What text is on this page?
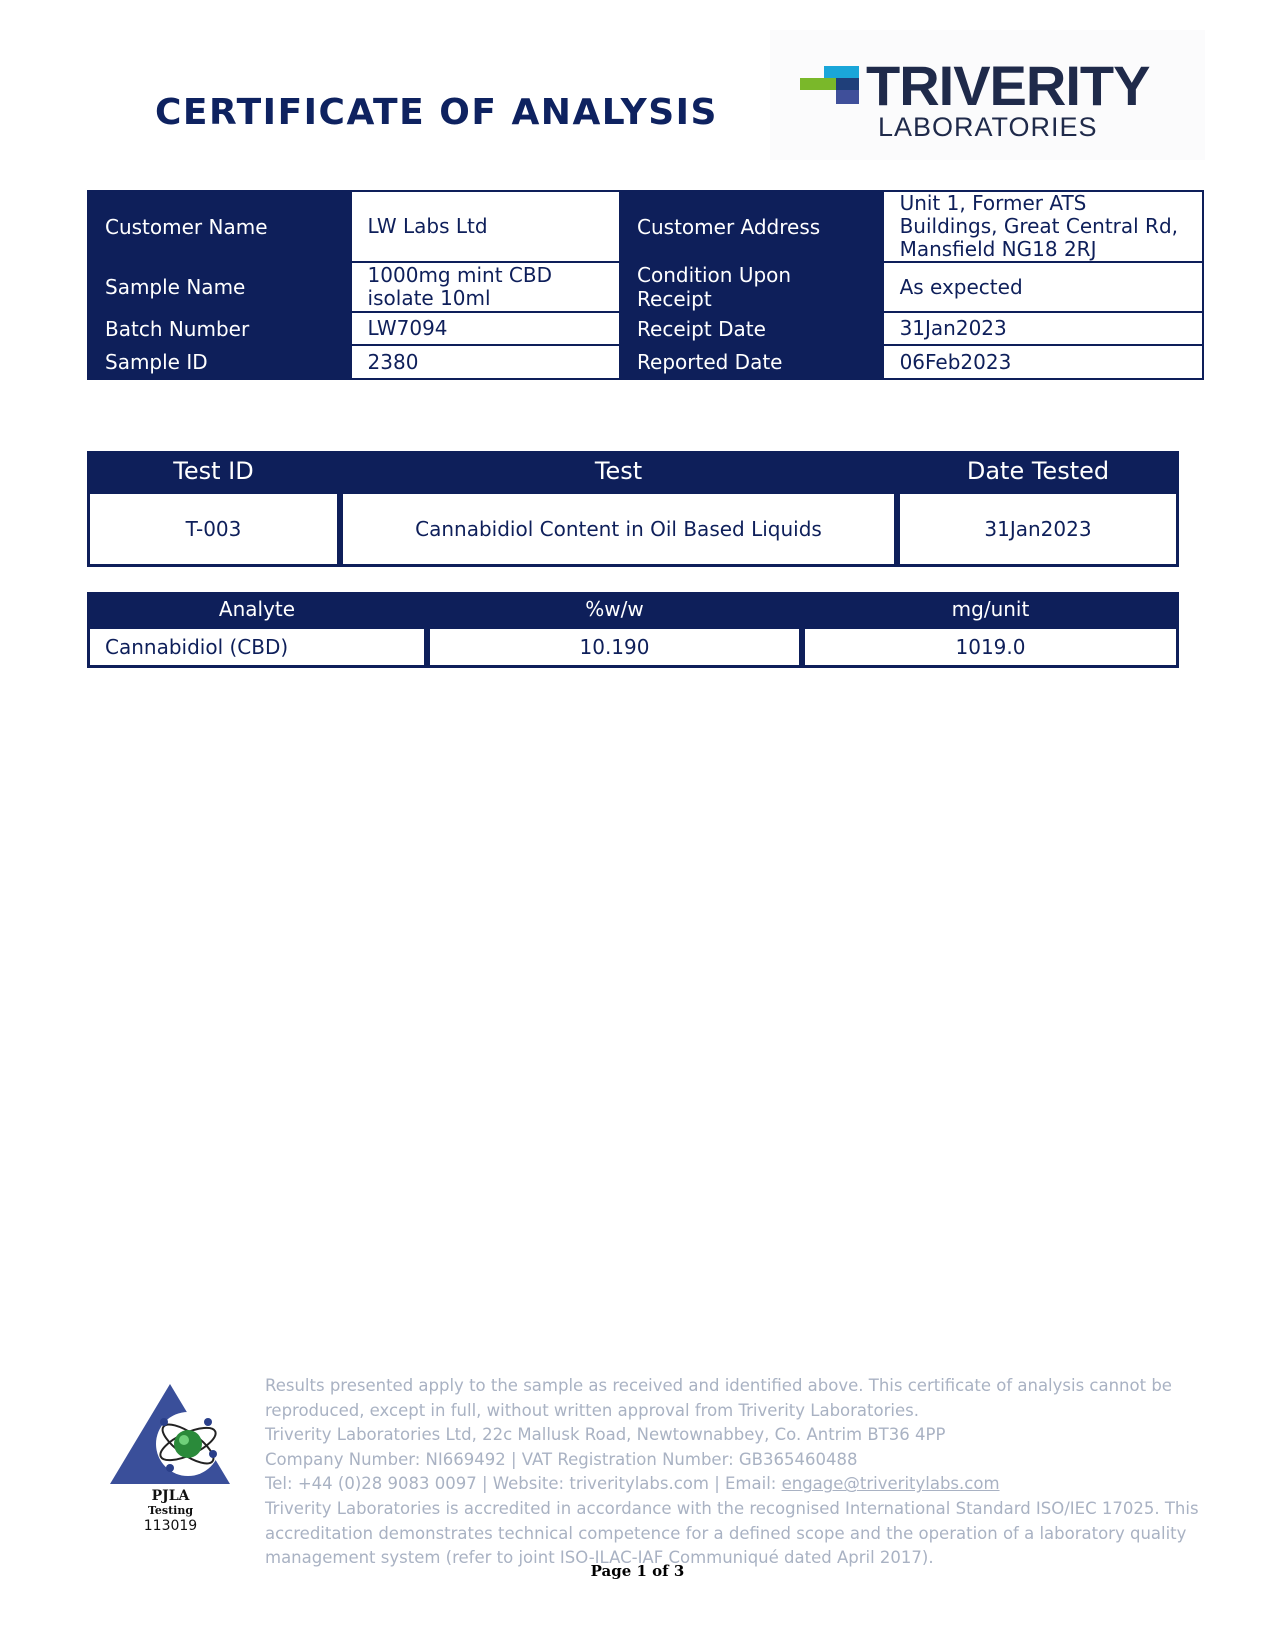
CERTIFICATE OF ANALYSIS	TRIVERITY
LABORATORIES
Customer Name	LW Labs Ltd	Customer Address	Unit 1, Former ATS Buildings, Great Central Rd, Mansfield NG18 2RJ
Sample Name	1000mg mint CBD isolate 10ml	Condition Upon Receipt	As expected
Batch Number	LW7094	Receipt Date	31Jan2023
Sample ID	2380	Reported Date	06Feb2023
Test ID	Test	Date Tested
T-003	Cannabidiol Content in Oil Based Liquids	31Jan2023
Analyte	%w/w	mg/unit
Cannabidiol (CBD)	10.190	1019.0
PJLA
Testing
113019

Results presented apply to the sample as received and identified above. This certificate of analysis cannot be reproduced, except in full, without written approval from Triverity Laboratories.

Triverity Laboratories Ltd, 22c Mallusk Road, Newtownabbey, Co. Antrim BT36 4PP

Company Number: NI669492 | VAT Registration Number: GB365460488

Tel: +44 (0)28 9083 0097 | Website: triveritylabs.com | Email: engage@triveritylabs.com

Triverity Laboratories is accredited in accordance with the recognised International Standard ISO/IEC 17025. This accreditation demonstrates technical competence for a defined scope and the operation of a laboratory quality management system (refer to joint ISO-ILAC-IAF Communiqué dated April 2017).

Page 1 of 3
